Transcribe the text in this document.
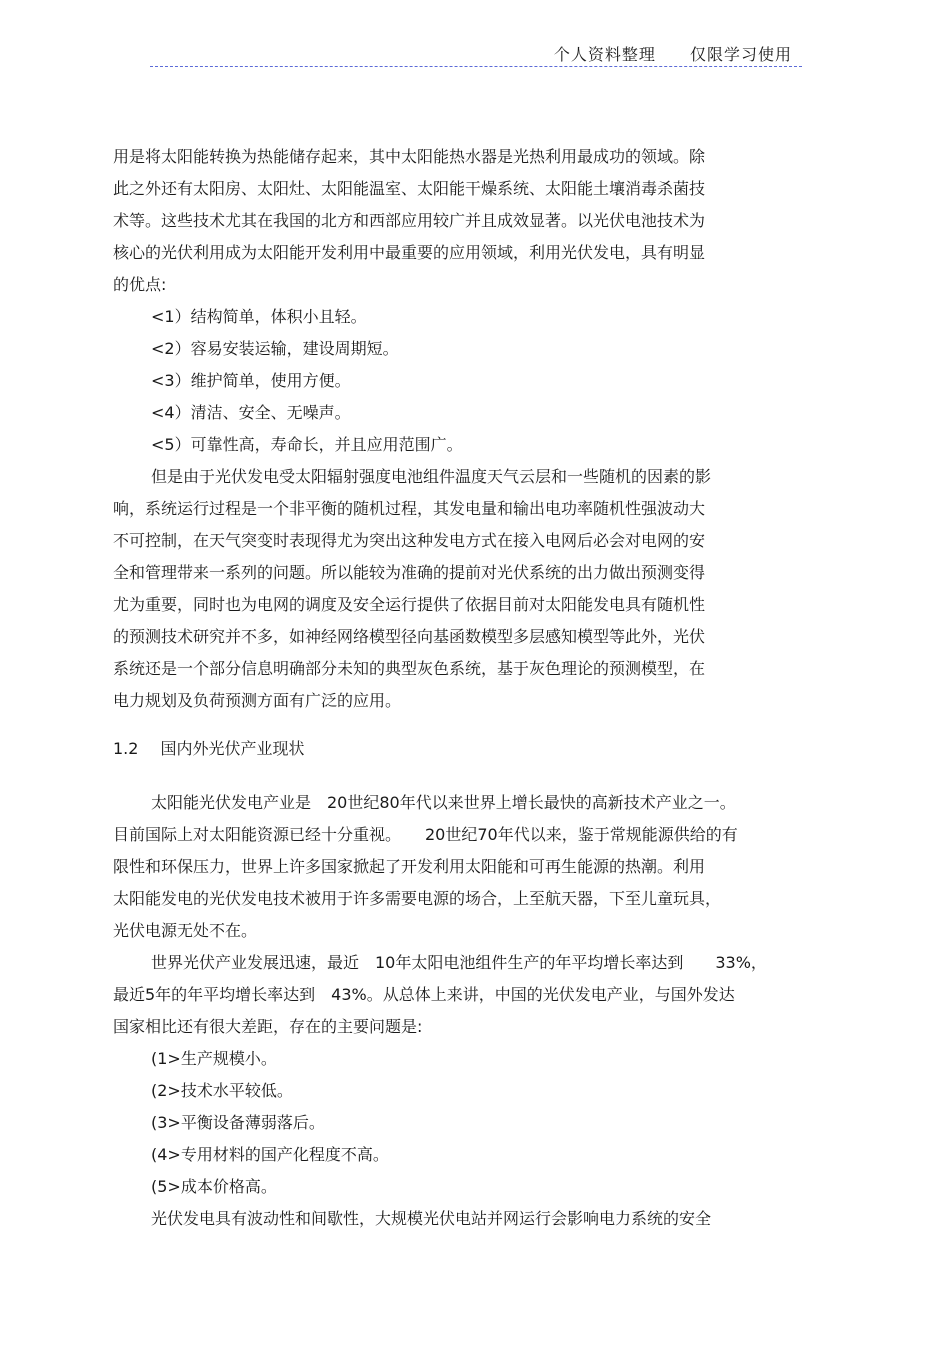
个人资料整理 仅限学习使用
1.2 国内外光伏产业现状
用是将太阳能转换为热能储存起来，其中太阳能热水器是光热利用最成功的领域。除
此之外还有太阳房、太阳灶、太阳能温室、太阳能干燥系统、太阳能土壤消毒杀菌技
术等。这些技术尤其在我国的北方和西部应用较广并且成效显著。以光伏电池技术为
核心的光伏利用成为太阳能开发利用中最重要的应用领域，利用光伏发电，具有明显
的优点:
<1）结构简单，体积小且轻。
<2）容易安装运输，建设周期短。
<3）维护简单，使用方便。
<4）清洁、安全、无噪声。
<5）可靠性高，寿命长，并且应用范围广。
但是由于光伏发电受太阳辐射强度电池组件温度天气云层和一些随机的因素的影
响，系统运行过程是一个非平衡的随机过程，其发电量和输出电功率随机性强波动大
不可控制，在天气突变时表现得尤为突出这种发电方式在接入电网后必会对电网的安
全和管理带来一系列的问题。所以能较为准确的提前对光伏系统的出力做出预测变得
尤为重要，同时也为电网的调度及安全运行提供了依据目前对太阳能发电具有随机性
的预测技术研究并不多，如神经网络模型径向基函数模型多层感知模型等此外，光伏
系统还是一个部分信息明确部分未知的典型灰色系统，基于灰色理论的预测模型，在
电力规划及负荷预测方面有广泛的应用。
太阳能光伏发电产业是　20世纪80年代以来世界上增长最快的高新技术产业之一。
目前国际上对太阳能资源已经十分重视。　　20世纪70年代以来，鉴于常规能源供给的有
限性和环保压力，世界上许多国家掀起了开发利用太阳能和可再生能源的热潮。利用
太阳能发电的光伏发电技术被用于许多需要电源的场合，上至航天器，下至儿童玩具，
光伏电源无处不在。
世界光伏产业发展迅速，最近　10年太阳电池组件生产的年平均增长率达到　　33%，
最近5年的年平均增长率达到　43%。从总体上来讲，中国的光伏发电产业，与国外发达
国家相比还有很大差距，存在的主要问题是:
(1>生产规模小。
(2>技术水平较低。
(3>平衡设备薄弱落后。
(4>专用材料的国产化程度不高。
(5>成本价格高。
光伏发电具有波动性和间歇性，大规模光伏电站并网运行会影响电力系统的安全
